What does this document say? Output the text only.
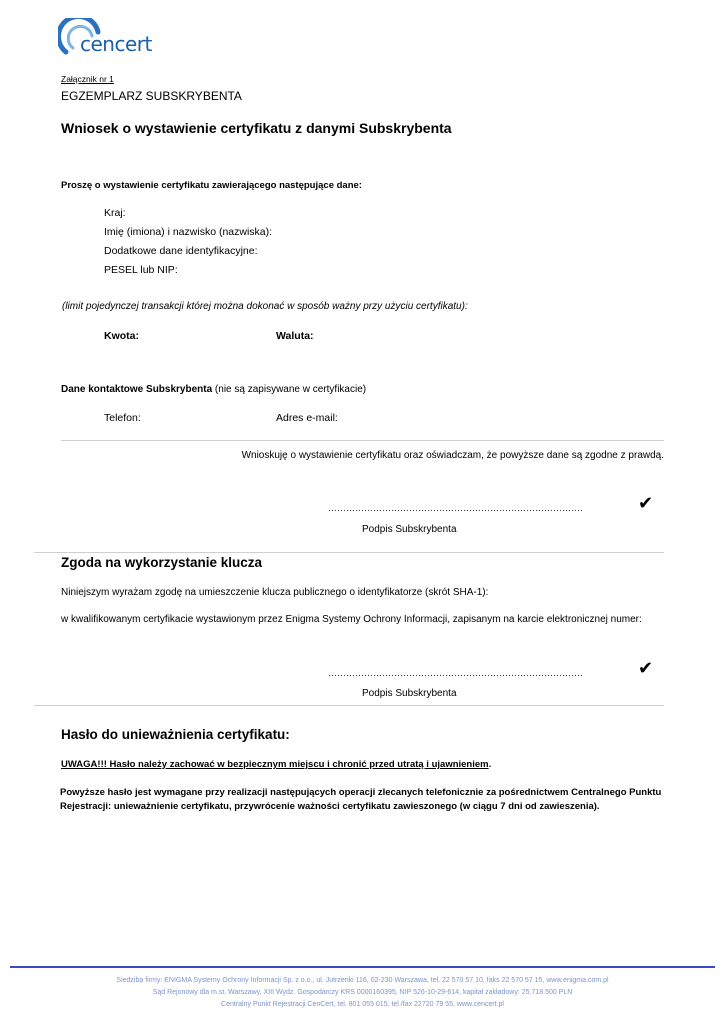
cencert
Załącznik nr 1
EGZEMPLARZ SUBSKRYBENTA
Wniosek o wystawienie certyfikatu z danymi Subskrybenta
Proszę o wystawienie certyfikatu zawierającego następujące dane:
Kraj:
Imię (imiona) i nazwisko (nazwiska):
Dodatkowe dane identyfikacyjne:
PESEL lub NIP:
(limit pojedynczej transakcji której można dokonać w sposób ważny przy użyciu certyfikatu):
Kwota:	Waluta:
Dane kontaktowe Subskrybenta (nie są zapisywane w certyfikacie)
Telefon:	Adres e-mail:
Wnioskuję o wystawienie certyfikatu oraz oświadczam, że powyższe dane są zgodne z prawdą.
………………………………………………………………………….	✔
Podpis Subskrybenta
Zgoda na wykorzystanie klucza
Niniejszym wyrażam zgodę na umieszczenie klucza publicznego o identyfikatorze (skrót SHA-1):
w kwalifikowanym certyfikacie wystawionym przez Enigma Systemy Ochrony Informacji, zapisanym na karcie elektronicznej numer:
………………………………………………………………………….	✔
Podpis Subskrybenta
Hasło do unieważnienia certyfikatu:
UWAGA!!! Hasło należy zachować w bezpiecznym miejscu i chronić przed utratą i ujawnieniem.
Powyższe hasło jest wymagane przy realizacji następujących operacji zlecanych telefonicznie za pośrednictwem Centralnego Punktu Rejestracji: unieważnienie certyfikatu, przywrócenie ważności certyfikatu zawieszonego (w ciągu 7 dni od zawieszenia).
Siedziba firmy: ENIGMA Systemy Ochrony Informacji Sp. z o.o., ul. Jutrzenki 116, 02-230 Warszawa, tel. 22 570 57 10, faks 22 570 57 15, www.enigma.com.pl
Sąd Rejonowy dla m.st. Warszawy, XIII Wydz. Gospodarczy KRS 0000160395, NIP 526-10-29-614, kapitał zakładowy: 25.718.500 PLN
Centralny Punkt Rejestracji CenCert, tel. 801 055 015, tel./fax 22720 79 55, www.cencert.pl
